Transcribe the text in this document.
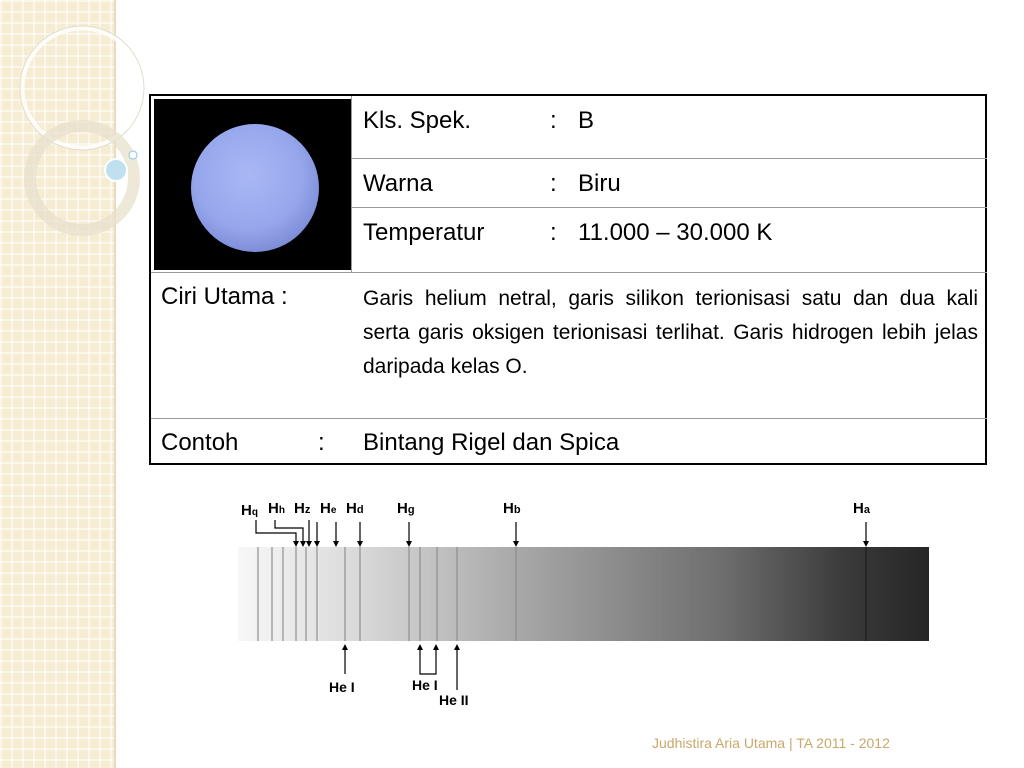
Kls. Spek.	: B
Warna	: Biru
Temperatur	: 11.000 – 30.000 K
Ciri Utama :	Garis helium netral, garis silikon terionisasi satu dan dua kali serta garis oksigen terionisasi terlihat. Garis hidrogen lebih jelas daripada kelas O.
Contoh	: Bintang Rigel dan Spica
Hq Hh Hz He Hd Hg	Hb	Ha
He I	He I
He II
Judhistira Aria Utama | TA 2011 - 2012
